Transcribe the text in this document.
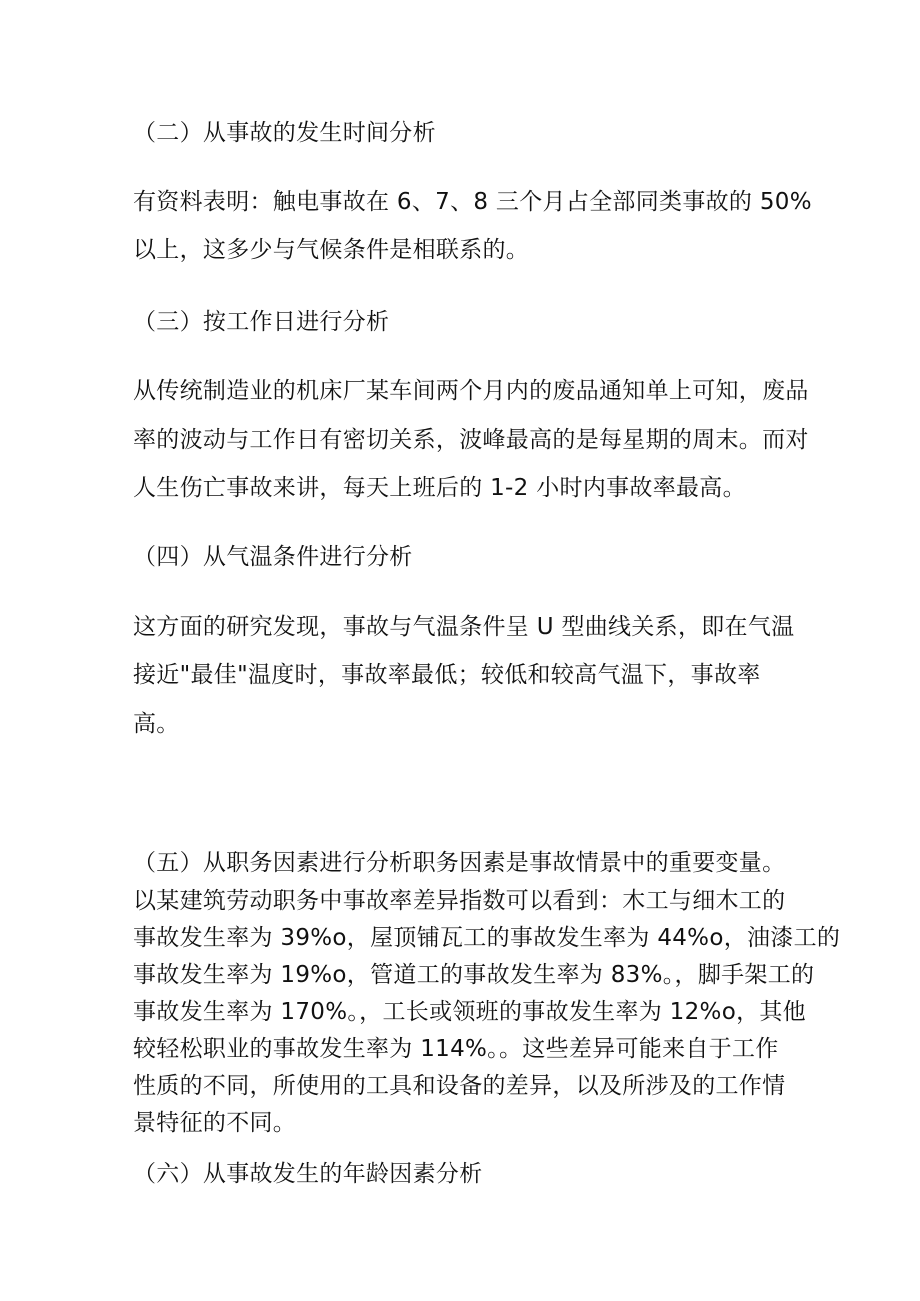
（二）从事故的发生时间分析
有资料表明：触电事故在 6、7、8 三个月占全部同类事故的 50%
以上，这多少与气候条件是相联系的。
（三）按工作日进行分析
从传统制造业的机床厂某车间两个月内的废品通知单上可知，废品
率的波动与工作日有密切关系，波峰最高的是每星期的周末。而对
人生伤亡事故来讲，每天上班后的 1-2 小时内事故率最高。
（四）从气温条件进行分析
这方面的研究发现，事故与气温条件呈 U 型曲线关系，即在气温
接近"最佳"温度时，事故率最低；较低和较高气温下，事故率
高。
（五）从职务因素进行分析职务因素是事故情景中的重要变量。
以某建筑劳动职务中事故率差异指数可以看到：木工与细木工的
事故发生率为 39%o，屋顶铺瓦工的事故发生率为 44%o，油漆工的
事故发生率为 19%o，管道工的事故发生率为 83%。，脚手架工的
事故发生率为 170%。，工长或领班的事故发生率为 12%o，其他
较轻松职业的事故发生率为 114%。。这些差异可能来自于工作
性质的不同，所使用的工具和设备的差异，以及所涉及的工作情
景特征的不同。
（六）从事故发生的年龄因素分析
